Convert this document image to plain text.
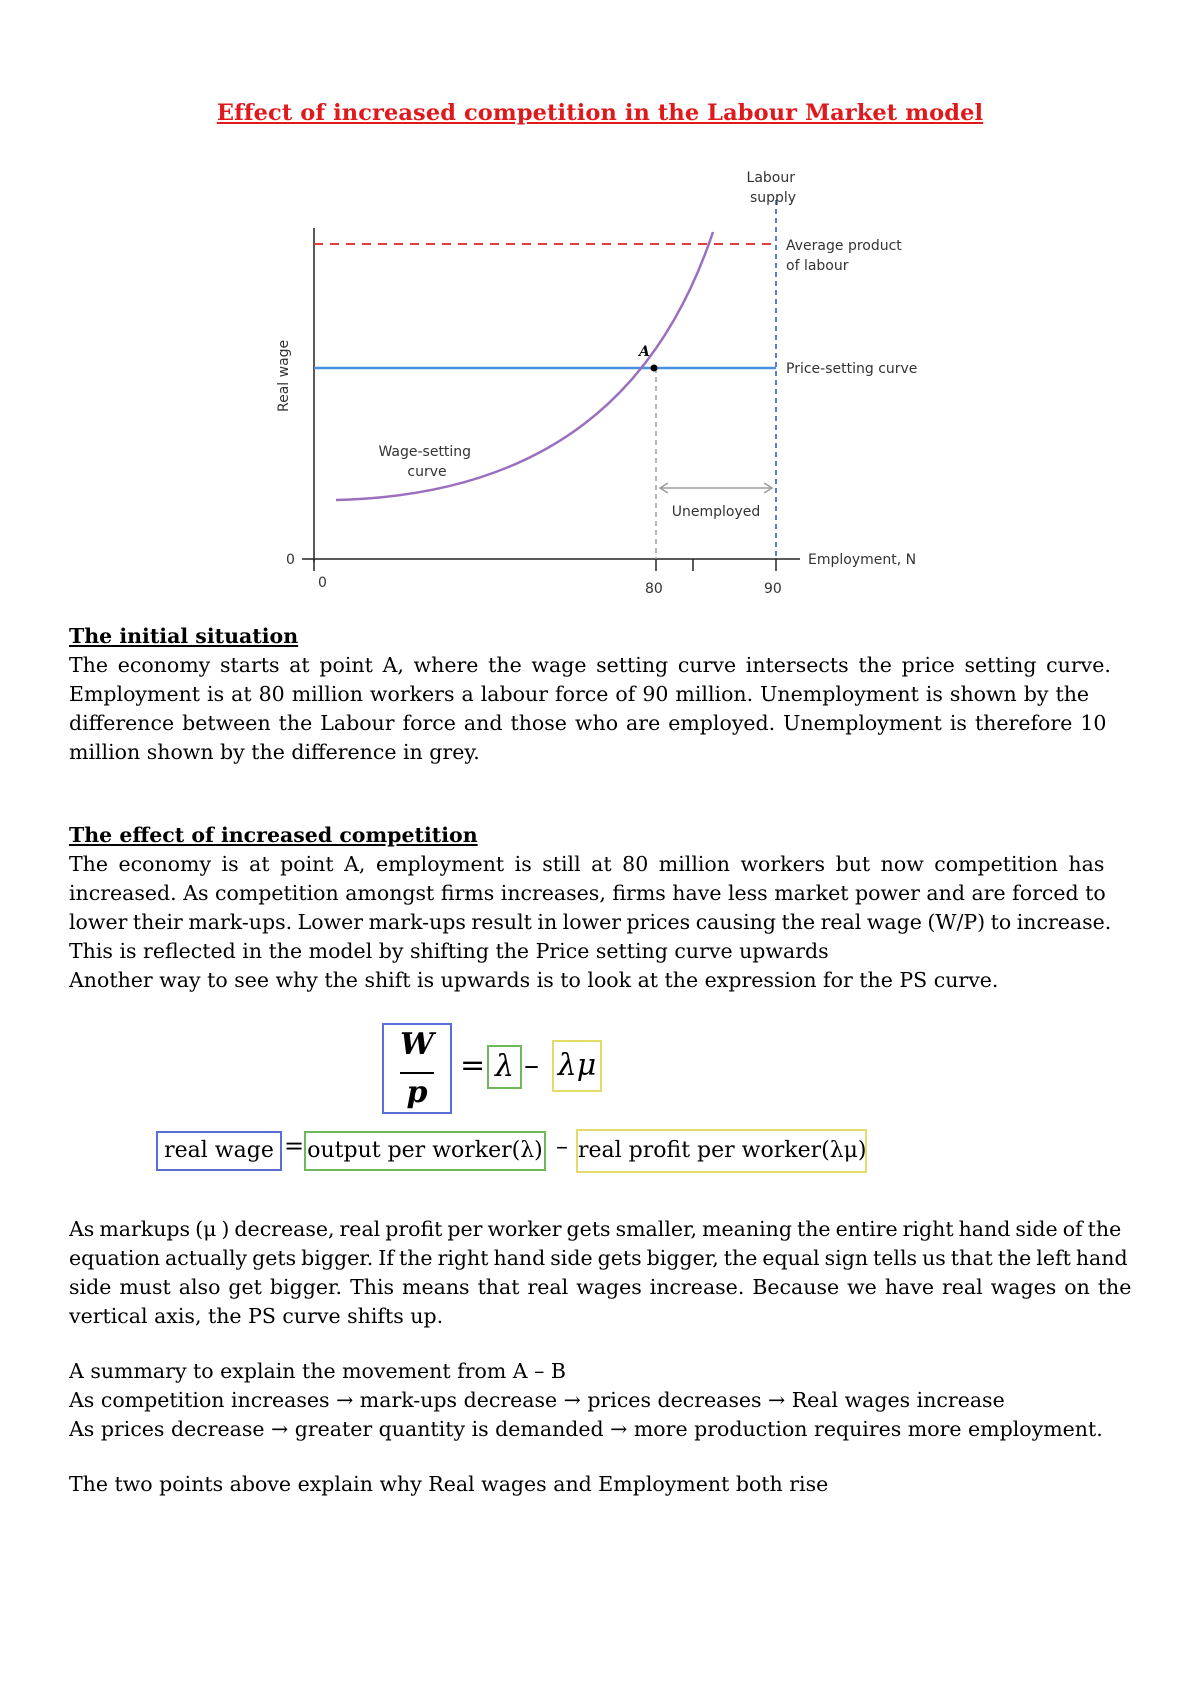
Effect of increased competition in the Labour Market model
A
Real wage
0
0	80	90
Employment, N
Labour supply
Average product of labour
Price-setting curve
Wage-setting curve
Unemployed
The initial situation

The economy starts at point A, where the wage setting curve intersects the price setting curve.
Employment is at 80 million workers a labour force of 90 million. Unemployment is shown by the
difference between the Labour force and those who are employed. Unemployment is therefore 10
million shown by the difference in grey.

The effect of increased competition

The economy is at point A, employment is still at 80 million workers but now competition has
increased. As competition amongst firms increases, firms have less market power and are forced to
lower their mark-ups. Lower mark-ups result in lower prices causing the real wage (W/P) to increase.
This is reflected in the model by shifting the Price setting curve upwards
Another way to see why the shift is upwards is to look at the expression for the PS curve.

W
p
= λ – λμ
real wage = output per worker(λ) – real profit per worker(λμ)

As markups (μ ) decrease, real profit per worker gets smaller, meaning the entire right hand side of the
equation actually gets bigger. If the right hand side gets bigger, the equal sign tells us that the left hand
side must also get bigger. This means that real wages increase. Because we have real wages on the
vertical axis, the PS curve shifts up.

A summary to explain the movement from A – B
As competition increases → mark-ups decrease → prices decreases → Real wages increase
As prices decrease → greater quantity is demanded → more production requires more employment.

The two points above explain why Real wages and Employment both rise
